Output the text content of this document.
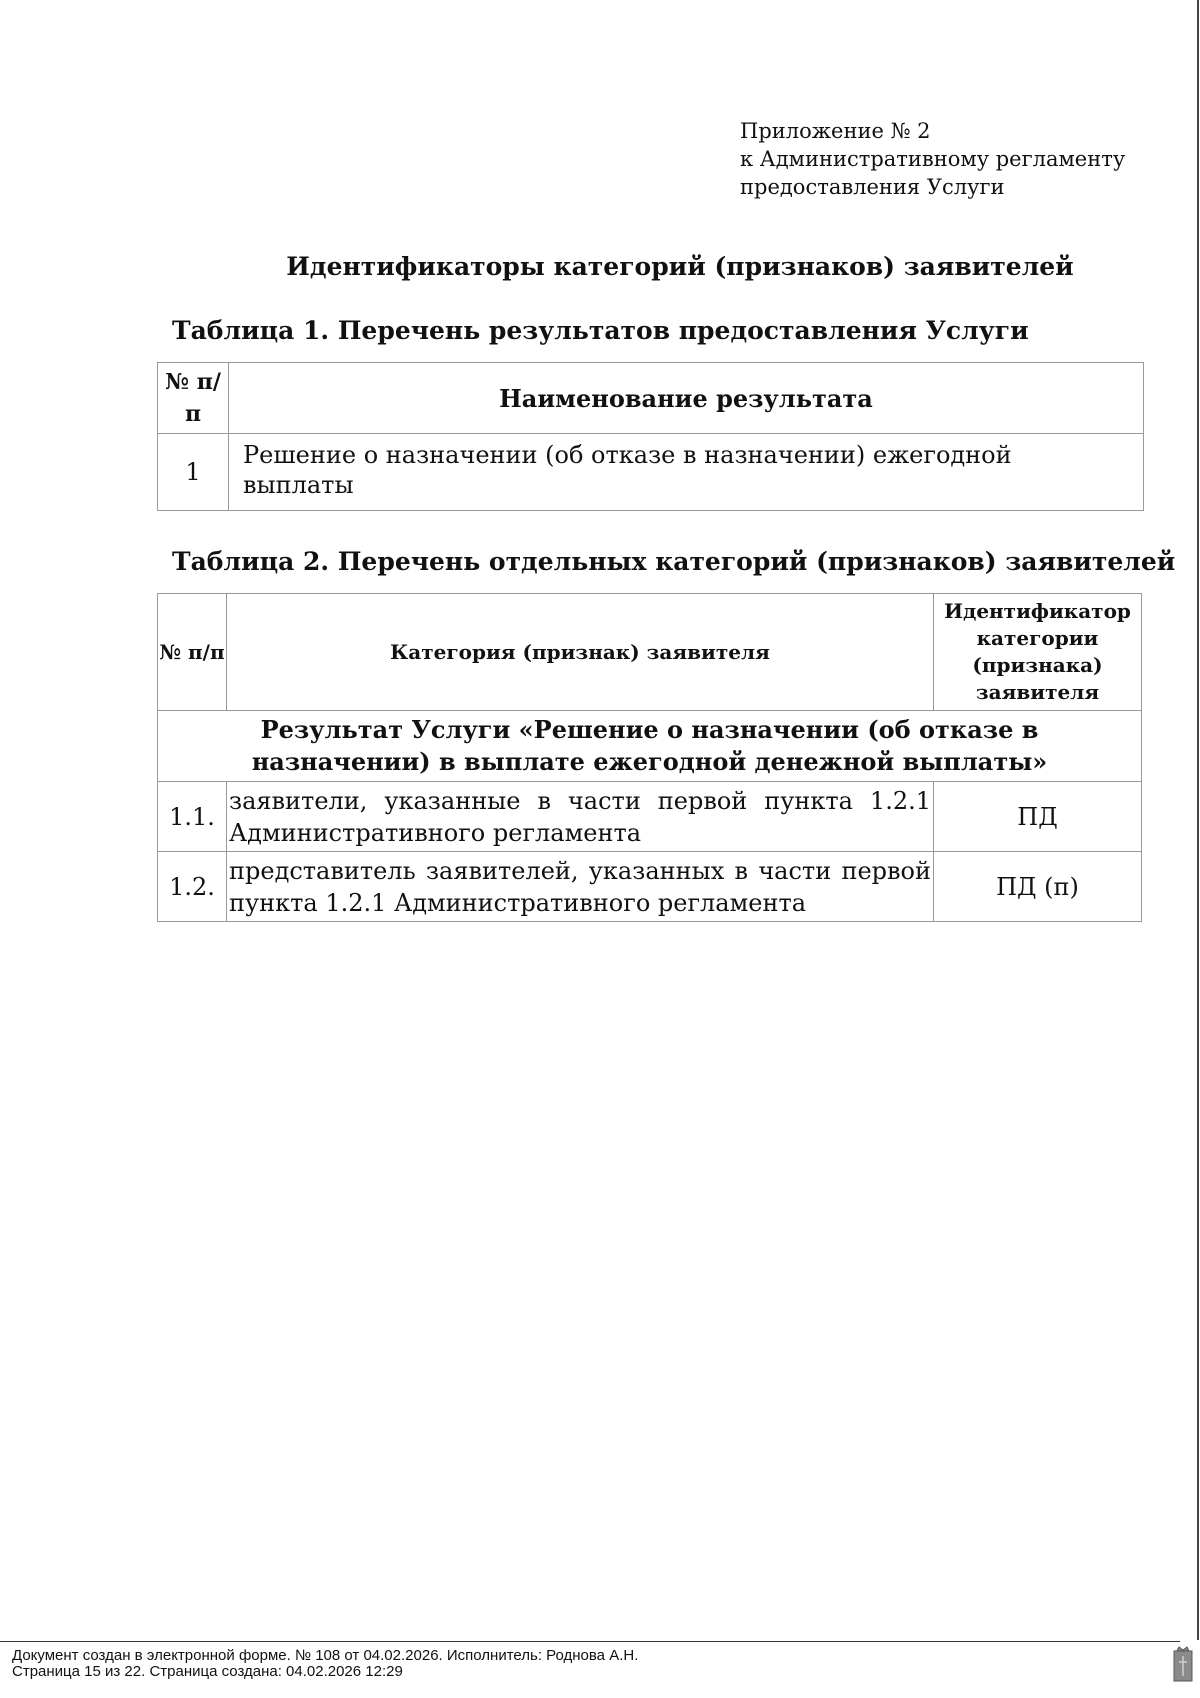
Приложение № 2
к Административному регламенту
предоставления Услуги
Идентификаторы категорий (признаков) заявителей
Таблица 1. Перечень результатов предоставления Услуги
№ п/п	Наименование результата
1	Решение о назначении (об отказе в назначении) ежегодной выплаты
Таблица 2. Перечень отдельных категорий (признаков) заявителей
№ п/п	Категория (признак) заявителя	Идентификатор категории (признака) заявителя
Результат Услуги «Решение о назначении (об отказе в назначении) в выплате ежегодной денежной выплаты»		
1.1.	заявители, указанные в части первой пункта 1.2.1 Административного регламента	ПД
1.2.	представитель заявителей, указанных в части первой пункта 1.2.1 Административного регламента	ПД (п)
Документ создан в электронной форме. № 108 от 04.02.2026. Исполнитель: Роднова А.Н.
Страница 15 из 22. Страница создана: 04.02.2026 12:29
